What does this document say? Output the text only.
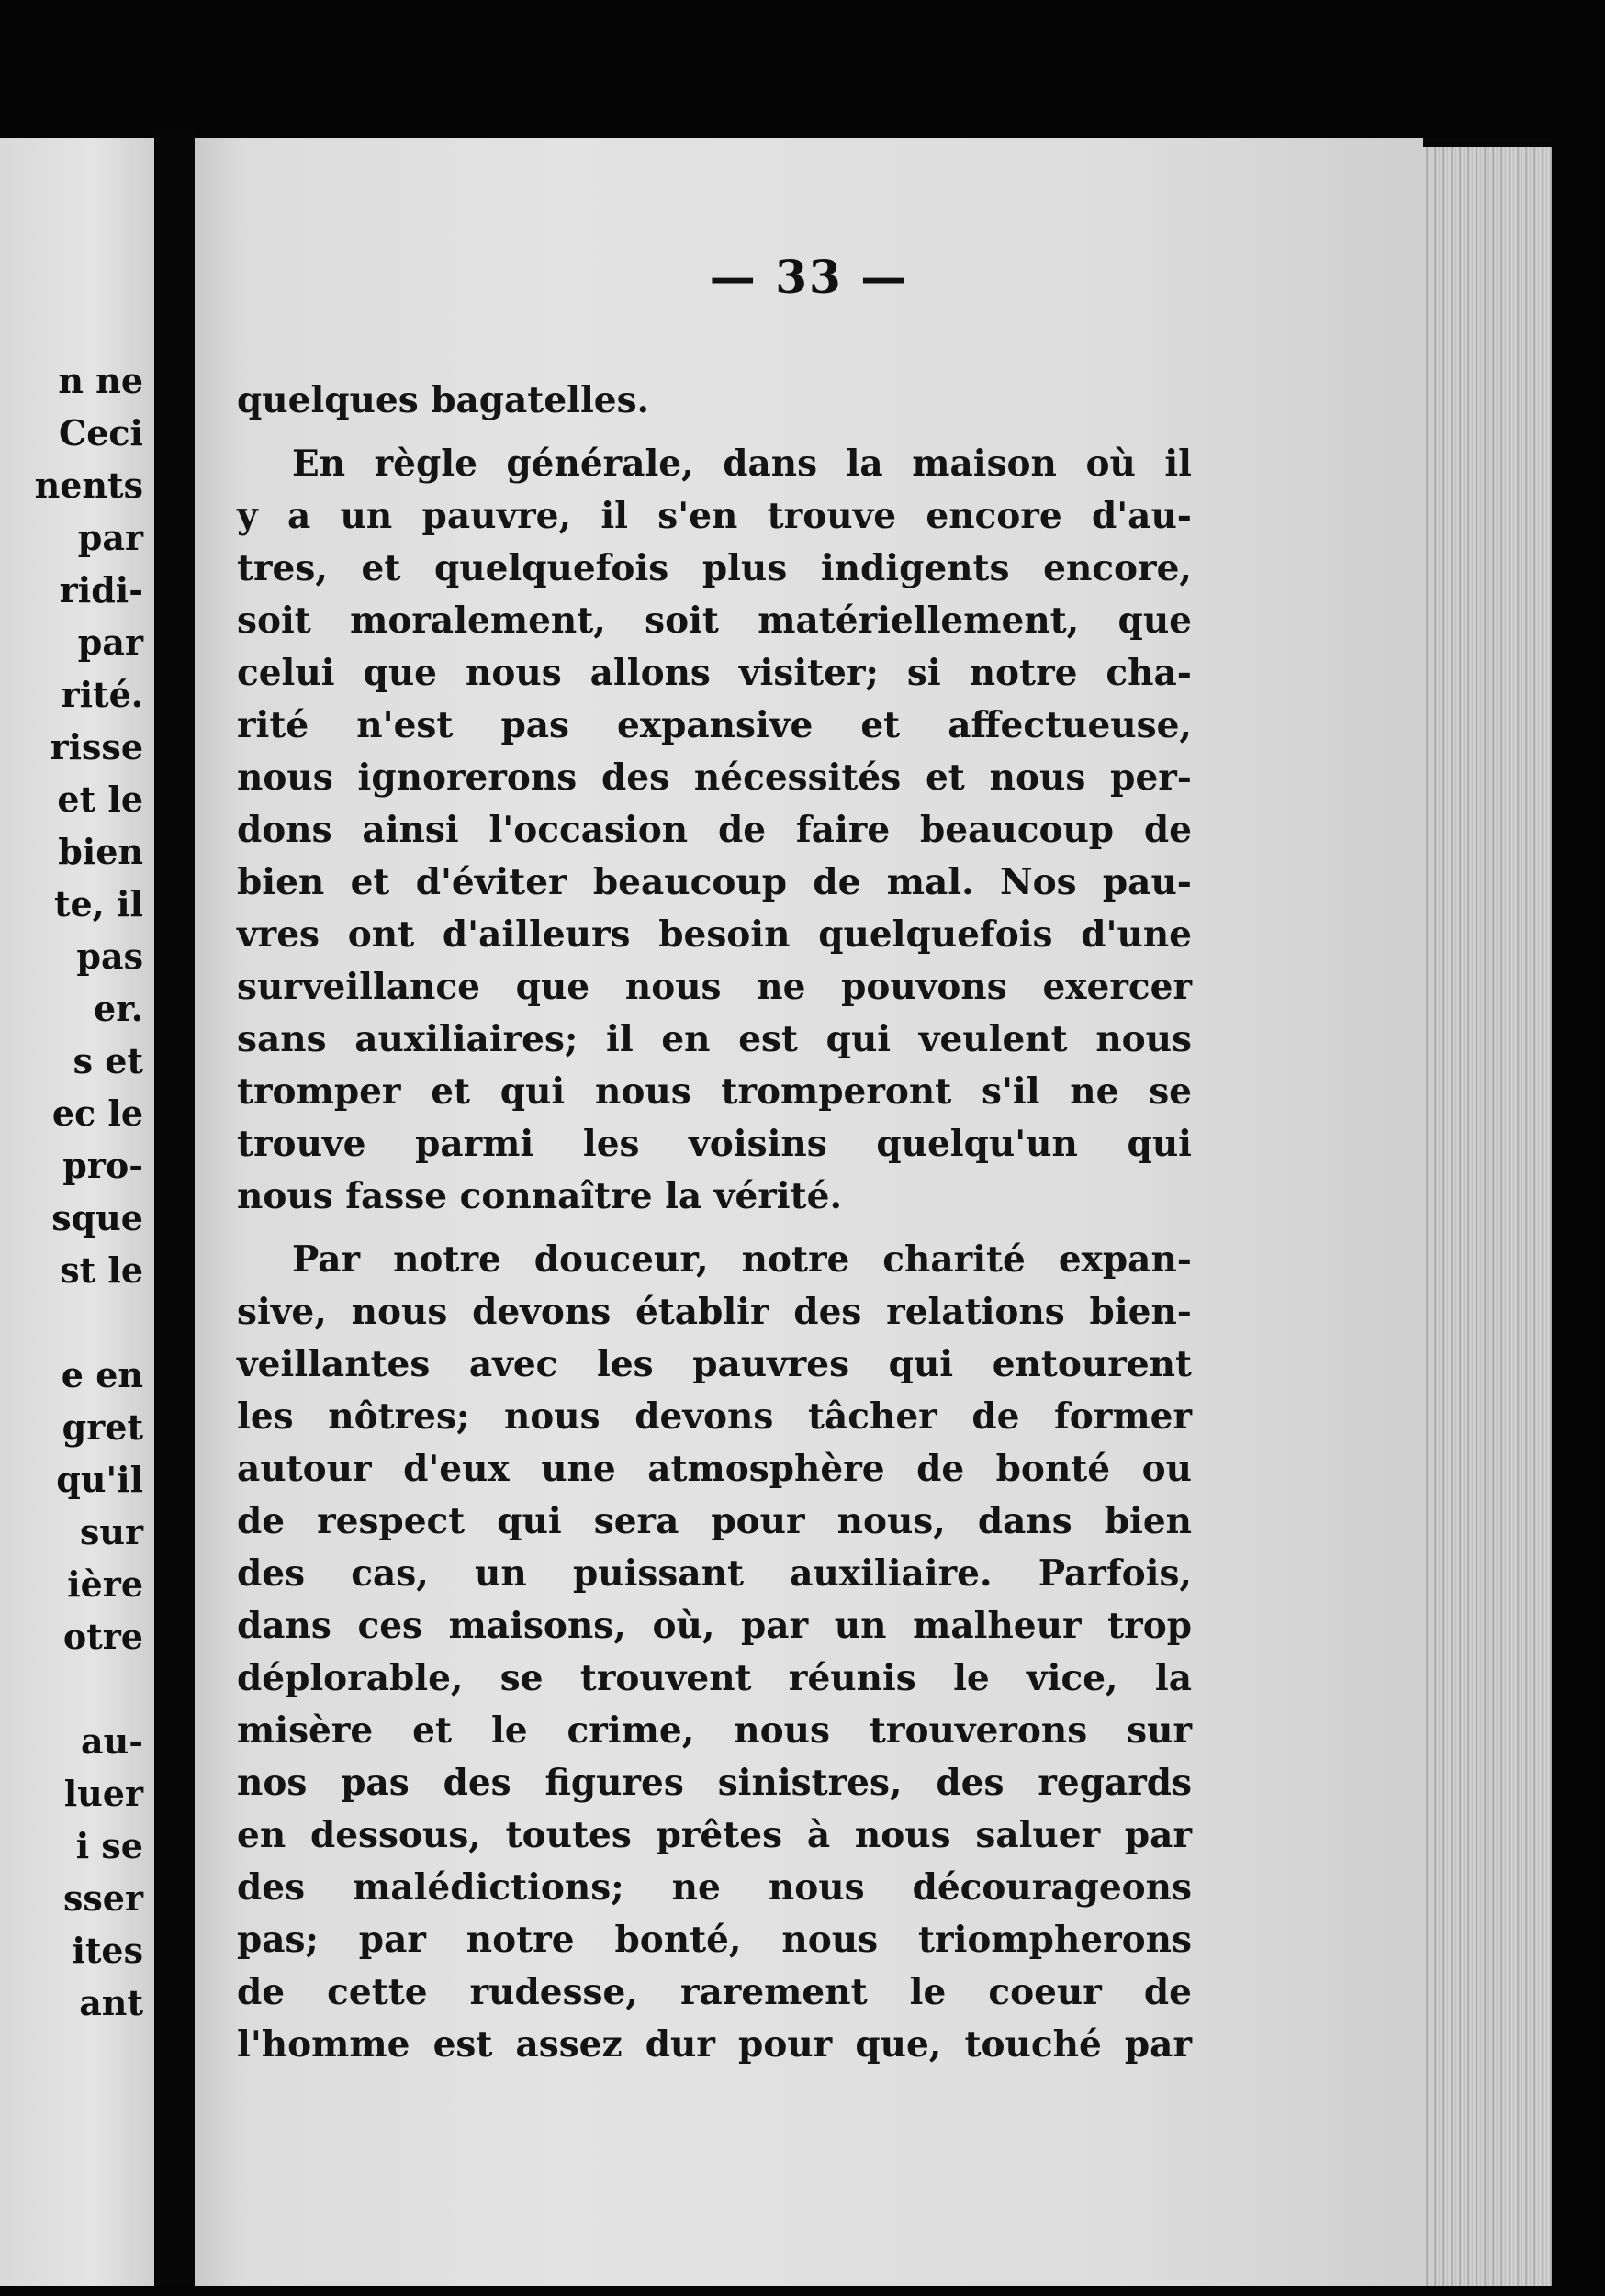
n ne
Ceci
nents
par
ridi-
par
rité.
risse
et le
bien
te, il
pas
er.
s et
ec le
pro-
sque
st le
e en
gret
qu'il
sur
ière
otre
au-
luer
i se
sser
ites
ant
— 33 —
quelques bagatelles.
En règle générale, dans la maison où il
y a un pauvre, il s'en trouve encore d'au-
tres, et quelquefois plus indigents encore,
soit moralement, soit matériellement, que
celui que nous allons visiter; si notre cha-
rité n'est pas expansive et affectueuse,
nous ignorerons des nécessités et nous per-
dons ainsi l'occasion de faire beaucoup de
bien et d'éviter beaucoup de mal. Nos pau-
vres ont d'ailleurs besoin quelquefois d'une
surveillance que nous ne pouvons exercer
sans auxiliaires; il en est qui veulent nous
tromper et qui nous tromperont s'il ne se
trouve parmi les voisins quelqu'un qui
nous fasse connaître la vérité.
Par notre douceur, notre charité expan-
sive, nous devons établir des relations bien-
veillantes avec les pauvres qui entourent
les nôtres; nous devons tâcher de former
autour d'eux une atmosphère de bonté ou
de respect qui sera pour nous, dans bien
des cas, un puissant auxiliaire. Parfois,
dans ces maisons, où, par un malheur trop
déplorable, se trouvent réunis le vice, la
misère et le crime, nous trouverons sur
nos pas des figures sinistres, des regards
en dessous, toutes prêtes à nous saluer par
des malédictions; ne nous décourageons
pas; par notre bonté, nous triompherons
de cette rudesse, rarement le coeur de
l'homme est assez dur pour que, touché par
